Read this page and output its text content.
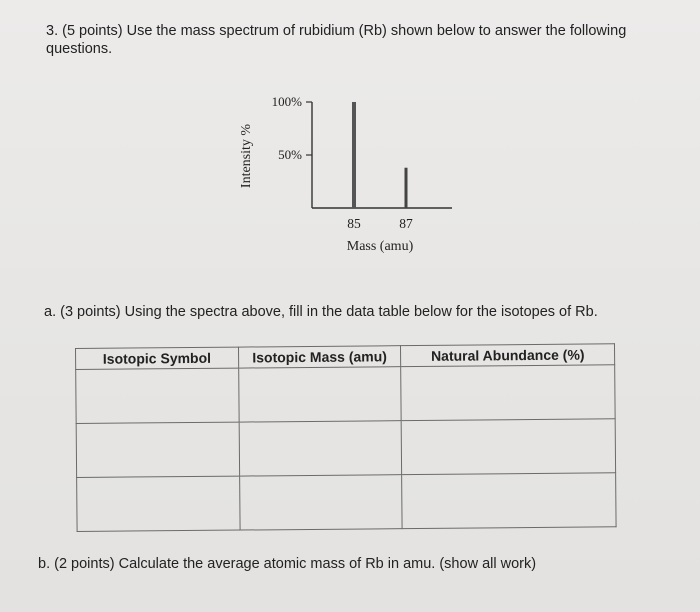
3. (5 points) Use the mass spectrum of rubidium (Rb) shown below to answer the following
questions.
Intensity %
100%
50%
85	87
Mass (amu)
a. (3 points) Using the spectra above, fill in the data table below for the isotopes of Rb.
Isotopic Symbol	Isotopic Mass (amu)	Natural Abundance (%)

b. (2 points) Calculate the average atomic mass of Rb in amu. (show all work)
